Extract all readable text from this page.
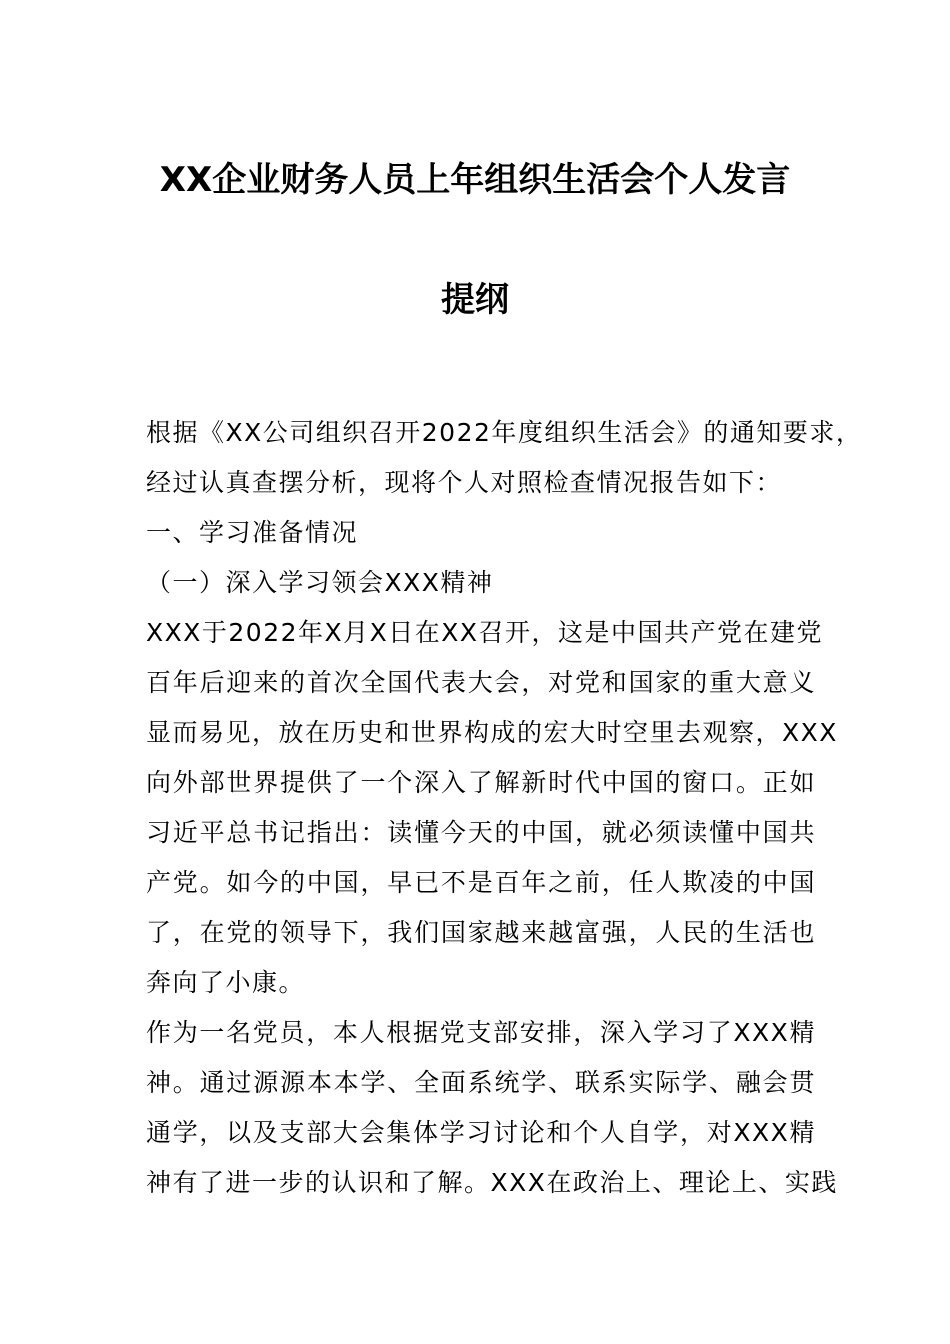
XX企业财务人员上年组织生活会个人发言
提纲
根据《XX公司组织召开2022年度组织生活会》的通知要求，
经过认真查摆分析，现将个人对照检查情况报告如下：
一、学习准备情况
（一）深入学习领会XXX精神
XXX于2022年X月X日在XX召开，这是中国共产党在建党
百年后迎来的首次全国代表大会，对党和国家的重大意义
显而易见，放在历史和世界构成的宏大时空里去观察，XXX
向外部世界提供了一个深入了解新时代中国的窗口。正如
习近平总书记指出：读懂今天的中国，就必须读懂中国共
产党。如今的中国，早已不是百年之前，任人欺凌的中国
了，在党的领导下，我们国家越来越富强，人民的生活也
奔向了小康。
作为一名党员，本人根据党支部安排，深入学习了XXX精
神。通过源源本本学、全面系统学、联系实际学、融会贯
通学，以及支部大会集体学习讨论和个人自学，对XXX精
神有了进一步的认识和了解。XXX在政治上、理论上、实践
